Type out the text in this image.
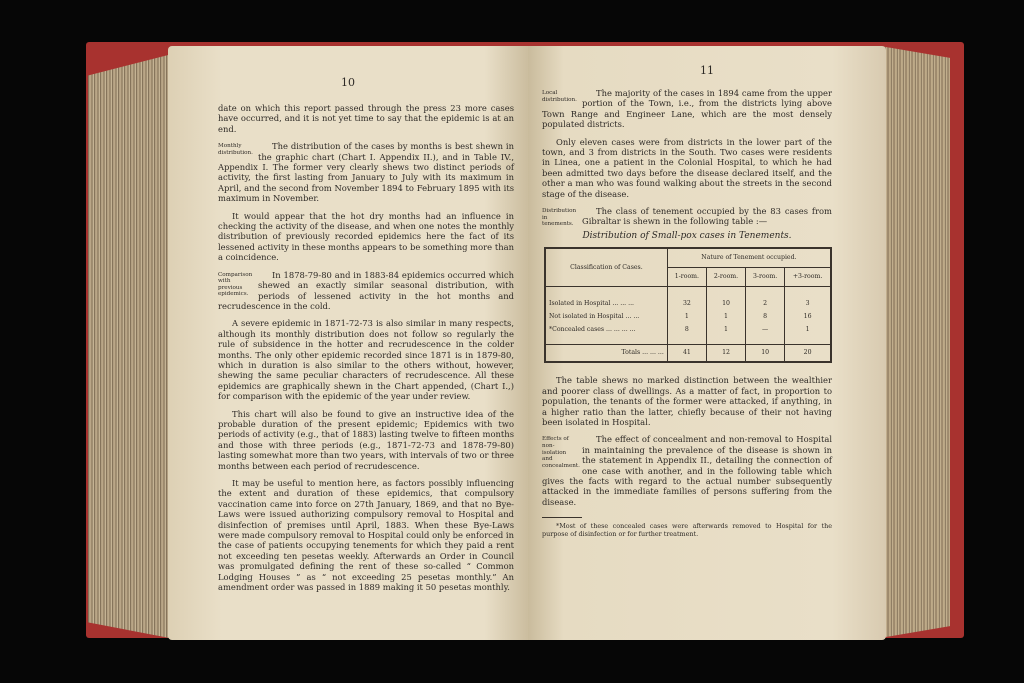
10

date on which this report passed through the press 23 more cases have occurred, and it is not yet time to say that the epidemic is at an end.

Monthly distribution.
The distribution of the cases by months is best shewn in the graphic chart (Chart I. Appendix II.), and in Table IV., Appendix I. The former very clearly shews two distinct periods of activity, the first lasting from January to July with its maximum in April, and the second from November 1894 to February 1895 with its maximum in November.

It would appear that the hot dry months had an influence in checking the activity of the disease, and when one notes the monthly distribution of previously recorded epidemics here the fact of its lessened activity in these months appears to be something more than a coincidence.

Comparison with previous epidemics.
In 1878-79-80 and in 1883-84 epidemics occurred which shewed an exactly similar seasonal distribution, with periods of lessened activity in the hot months and recrudescence in the cold.

A severe epidemic in 1871-72-73 is also similar in many respects, although its monthly distribution does not follow so regularly the rule of subsidence in the hotter and recrudescence in the colder months. The only other epidemic recorded since 1871 is in 1879-80, which in duration is also similar to the others without, however, shewing the same peculiar characters of recrudescence. All these epidemics are graphically shewn in the Chart appended, (Chart I.,) for comparison with the epidemic of the year under review.

This chart will also be found to give an instructive idea of the probable duration of the present epidemic; Epidemics with two periods of activity (e.g., that of 1883) lasting twelve to fifteen months and those with three periods (e.g., 1871-72-73 and 1878-79-80) lasting somewhat more than two years, with intervals of two or three months between each period of recrudescence.

It may be useful to mention here, as factors possibly influencing the extent and duration of these epidemics, that compulsory vaccination came into force on 27th January, 1869, and that no Bye-Laws were issued authorizing compulsory removal to Hospital and disinfection of premises until April, 1883. When these Bye-Laws were made compulsory removal to Hospital could only be enforced in the case of patients occupying tenements for which they paid a rent not exceeding ten pesetas weekly. Afterwards an Order in Council was promulgated defining the rent of these so-called “ Common Lodging Houses ” as “ not exceeding 25 pesetas monthly.” An amendment order was passed in 1889 making it 50 pesetas monthly.

11

Local distribution.
The majority of the cases in 1894 came from the upper portion of the Town, i.e., from the districts lying above Town Range and Engineer Lane, which are the most densely populated districts.

Only eleven cases were from districts in the lower part of the town, and 3 from districts in the South. Two cases were residents in Linea, one a patient in the Colonial Hospital, to which he had been admitted two days before the disease declared itself, and the other a man who was found walking about the streets in the second stage of the disease.

Distribution in tenements.
The class of tenement occupied by the 83 cases from Gibraltar is shewn in the following table :—

Distribution of Small-pox cases in Tenements.
Classification of Cases.	Nature of Tenement occupied.			
	1-room.	2-room.	3-room.	+3-room.
Isolated in Hospital ... ... ...	32	10	2	3
Not isolated in Hospital ... ...	1	1	8	16
*Concealed cases ... ... ... ...	8	1	—	1
Totals ... ... ...	41	12	10	20

The table shews no marked distinction between the wealthier and poorer class of dwellings. As a matter of fact, in proportion to population, the tenants of the former were attacked, if anything, in a higher ratio than the latter, chiefly because of their not having been isolated in Hospital.

Effects of non-isolation and concealment.
The effect of concealment and non-removal to Hospital in maintaining the prevalence of the disease is shown in the statement in Appendix II., detailing the connection of one case with another, and in the following table which gives the facts with regard to the actual number subsequently attacked in the immediate families of persons suffering from the disease.

*Most of these concealed cases were afterwards removed to Hospital for the purpose of disinfection or for further treatment.
